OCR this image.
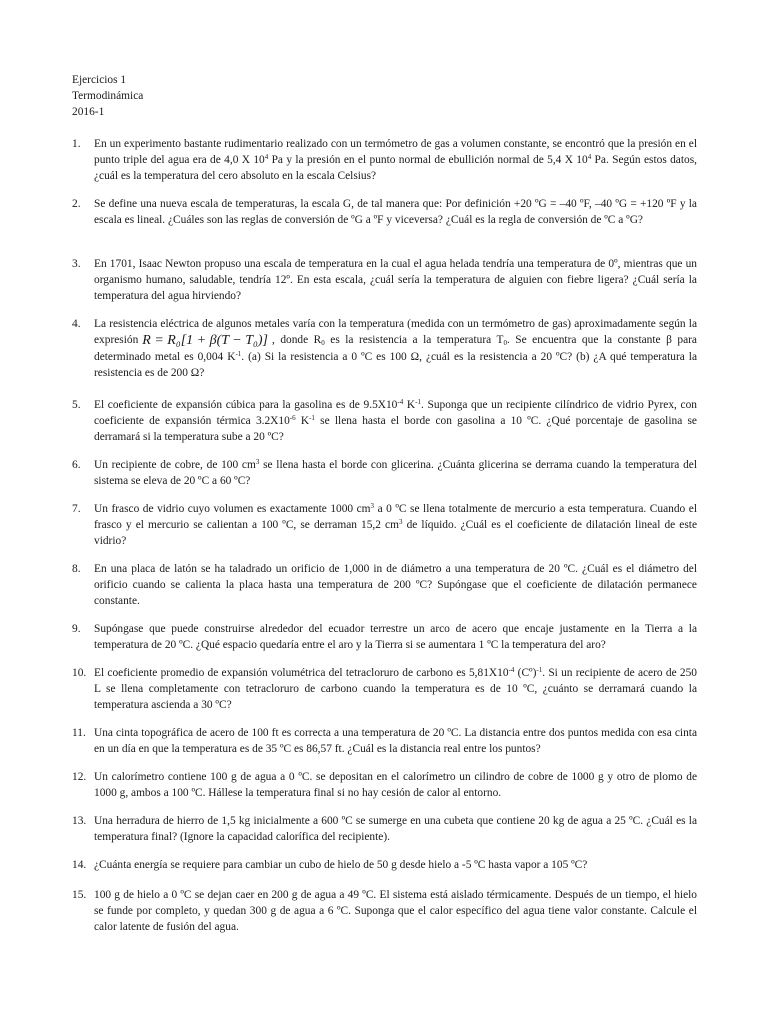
Ejercicios 1
Termodinámica
2016-1
1.	En un experimento bastante rudimentario realizado con un termómetro de gas a volumen constante, se encontró que la presión en el punto triple del agua era de 4,0 X $10^4$ Pa y la presión en el punto normal de ebullición normal de 5,4 X $10^4$ Pa. Según estos datos, ¿cuál es la temperatura del cero absoluto en la escala Celsius?
2.	Se define una nueva escala de temperaturas, la escala G, de tal manera que: Por definición +20 ºG = –40 ºF, –40 ºG = +120 ºF y la escala es lineal. ¿Cuáles son las reglas de conversión de ºG a ºF y viceversa? ¿Cuál es la regla de conversión de ºC a ºG?
3.	En 1701, Isaac Newton propuso una escala de temperatura en la cual el agua helada tendría una temperatura de 0º, mientras que un organismo humano, saludable, tendría 12º. En esta escala, ¿cuál sería la temperatura de alguien con fiebre ligera? ¿Cuál sería la temperatura del agua hirviendo?
4.	La resistencia eléctrica de algunos metales varía con la temperatura (medida con un termómetro de gas) aproximadamente según la expresión R = R₀[1 + β(T − T₀)] , donde $R_0$ es la resistencia a la temperatura $T_0$. Se encuentra que la constante β para determinado metal es 0,004 $K^{-1}$. (a) Si la resistencia a 0 ºC es 100 Ω, ¿cuál es la resistencia a 20 ºC? (b) ¿A qué temperatura la resistencia es de 200 Ω?
5.	El coeficiente de expansión cúbica para la gasolina es de $9.5X10^{-4}$ $K^{-1}$. Suponga que un recipiente cilíndrico de vidrio Pyrex, con coeficiente de expansión térmica $3.2X10^{-6}$ $K^{-1}$ se llena hasta el borde con gasolina a 10 ºC. ¿Qué porcentaje de gasolina se derramará si la temperatura sube a 20 ºC?
6.	Un recipiente de cobre, de 100 $cm^3$ se llena hasta el borde con glicerina. ¿Cuánta glicerina se derrama cuando la temperatura del sistema se eleva de 20 ºC a 60 ºC?
7.	Un frasco de vidrio cuyo volumen es exactamente 1000 $cm^3$ a 0 ºC se llena totalmente de mercurio a esta temperatura. Cuando el frasco y el mercurio se calientan a 100 ºC, se derraman 15,2 $cm^3$ de líquido. ¿Cuál es el coeficiente de dilatación lineal de este vidrio?
8.	En una placa de latón se ha taladrado un orificio de 1,000 in de diámetro a una temperatura de 20 ºC. ¿Cuál es el diámetro del orificio cuando se calienta la placa hasta una temperatura de 200 ºC? Supóngase que el coeficiente de dilatación permanece constante.
9.	Supóngase que puede construirse alrededor del ecuador terrestre un arco de acero que encaje justamente en la Tierra a la temperatura de 20 ºC. ¿Qué espacio quedaría entre el aro y la Tierra si se aumentara 1 ºC la temperatura del aro?
10. El coeficiente promedio de expansión volumétrica del tetracloruro de carbono es $5,81X10^{-4}$ (Cº)$^{-1}$. Si un recipiente de acero de 250 L se llena completamente con tetracloruro de carbono cuando la temperatura es de 10 ºC, ¿cuánto se derramará cuando la temperatura ascienda a 30 ºC?
11. Una cinta topográfica de acero de 100 ft es correcta a una temperatura de 20 ºC. La distancia entre dos puntos medida con esa cinta en un día en que la temperatura es de 35 ºC es 86,57 ft. ¿Cuál es la distancia real entre los puntos?
12. Un calorímetro contiene 100 g de agua a 0 ºC. se depositan en el calorímetro un cilindro de cobre de 1000 g y otro de plomo de 1000 g, ambos a 100 ºC. Hállese la temperatura final si no hay cesión de calor al entorno.
13. Una herradura de hierro de 1,5 kg inicialmente a 600 ºC se sumerge en una cubeta que contiene 20 kg de agua a 25 ºC. ¿Cuál es la temperatura final? (Ignore la capacidad calorífica del recipiente).
14. ¿Cuánta energía se requiere para cambiar un cubo de hielo de 50 g desde hielo a -5 ºC hasta vapor a 105 ºC?
15. 100 g de hielo a 0 ºC se dejan caer en 200 g de agua a 49 ºC. El sistema está aislado térmicamente. Después de un tiempo, el hielo se funde por completo, y quedan 300 g de agua a 6 ºC. Suponga que el calor específico del agua tiene valor constante. Calcule el calor latente de fusión del agua.
